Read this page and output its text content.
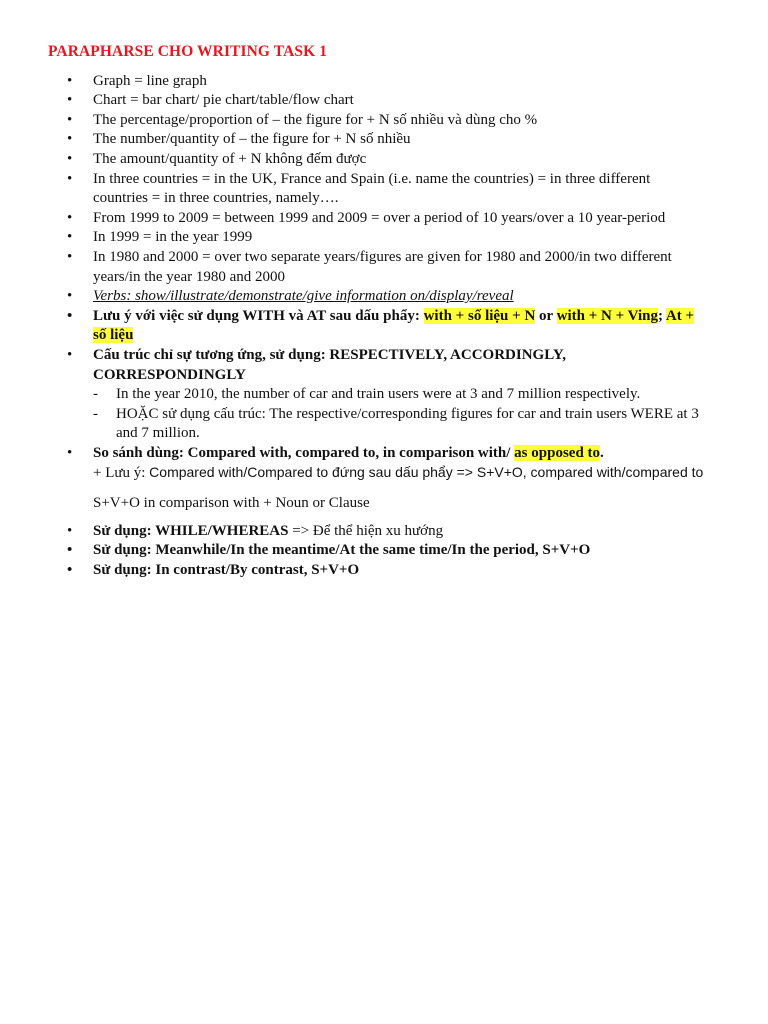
PARAPHARSE CHO WRITING TASK 1
• Graph = line graph
• Chart = bar chart/ pie chart/table/flow chart
• The percentage/proportion of – the figure for + N số nhiều và dùng cho %
• The number/quantity of – the figure for + N số nhiều
• The amount/quantity of + N không đếm được
• In three countries = in the UK, France and Spain (i.e. name the countries) = in three different countries = in three countries, namely….
• From 1999 to 2009 = between 1999 and 2009 = over a period of 10 years/over a 10 year-period
• In 1999 = in the year 1999
• In 1980 and 2000 = over two separate years/figures are given for 1980 and 2000/in two different years/in the year 1980 and 2000
• Verbs: show/illustrate/demonstrate/give information on/display/reveal
• Lưu ý với việc sử dụng WITH và AT sau dấu phẩy: with + số liệu + N or with + N + Ving; At + số liệu
• Cấu trúc chỉ sự tương ứng, sử dụng: RESPECTIVELY, ACCORDINGLY, CORRESPONDINGLY
- In the year 2010, the number of car and train users were at 3 and 7 million respectively.
- HOẶC sử dụng cấu trúc: The respective/corresponding figures for car and train users WERE at 3 and 7 million.
• So sánh dùng: Compared with, compared to, in comparison with/ as opposed to.
+ Lưu ý: Compared with/Compared to đứng sau dấu phẩy => S+V+O, compared with/compared to
S+V+O in comparison with + Noun or Clause
• Sử dụng: WHILE/WHEREAS => Để thể hiện xu hướng
• Sử dụng: Meanwhile/In the meantime/At the same time/In the period, S+V+O
• Sử dụng: In contrast/By contrast, S+V+O
